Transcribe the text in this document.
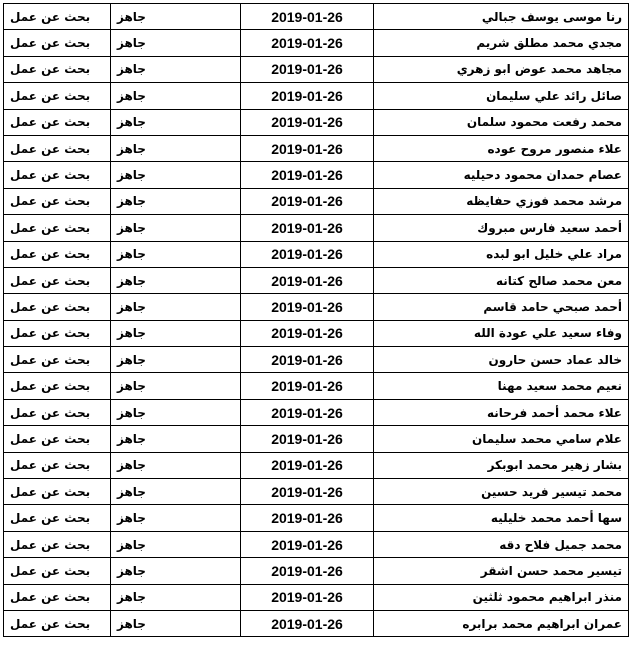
بحث عن عمل	جاهز	2019-01-26	رنا موسى يوسف جبالي
بحث عن عمل	جاهز	2019-01-26	مجدي محمد مطلق شريم
بحث عن عمل	جاهز	2019-01-26	مجاهد محمد عوض ابو زهري
بحث عن عمل	جاهز	2019-01-26	صائل رائد علي سليمان
بحث عن عمل	جاهز	2019-01-26	محمد رفعت محمود سلمان
بحث عن عمل	جاهز	2019-01-26	علاء منصور مروح عوده
بحث عن عمل	جاهز	2019-01-26	عصام حمدان محمود دحيليه
بحث عن عمل	جاهز	2019-01-26	مرشد محمد فوزي حفايظه
بحث عن عمل	جاهز	2019-01-26	أحمد سعيد فارس مبروك
بحث عن عمل	جاهز	2019-01-26	مراد علي خليل ابو لبده
بحث عن عمل	جاهز	2019-01-26	معن محمد صالح كتانه
بحث عن عمل	جاهز	2019-01-26	أحمد صبحي حامد قاسم
بحث عن عمل	جاهز	2019-01-26	وفاء سعيد علي عودة الله
بحث عن عمل	جاهز	2019-01-26	خالد عماد حسن حارون
بحث عن عمل	جاهز	2019-01-26	نعيم محمد سعيد مهنا
بحث عن عمل	جاهز	2019-01-26	علاء محمد أحمد فرحانه
بحث عن عمل	جاهز	2019-01-26	علام سامي محمد سليمان
بحث عن عمل	جاهز	2019-01-26	بشار زهير محمد ابوبكر
بحث عن عمل	جاهز	2019-01-26	محمد تيسير فريد حسين
بحث عن عمل	جاهز	2019-01-26	سها أحمد محمد خليليه
بحث عن عمل	جاهز	2019-01-26	محمد جميل فلاح دقه
بحث عن عمل	جاهز	2019-01-26	تيسير محمد حسن اشقر
بحث عن عمل	جاهز	2019-01-26	منذر ابراهيم محمود ثلثين
بحث عن عمل	جاهز	2019-01-26	عمران ابراهيم محمد برابره
